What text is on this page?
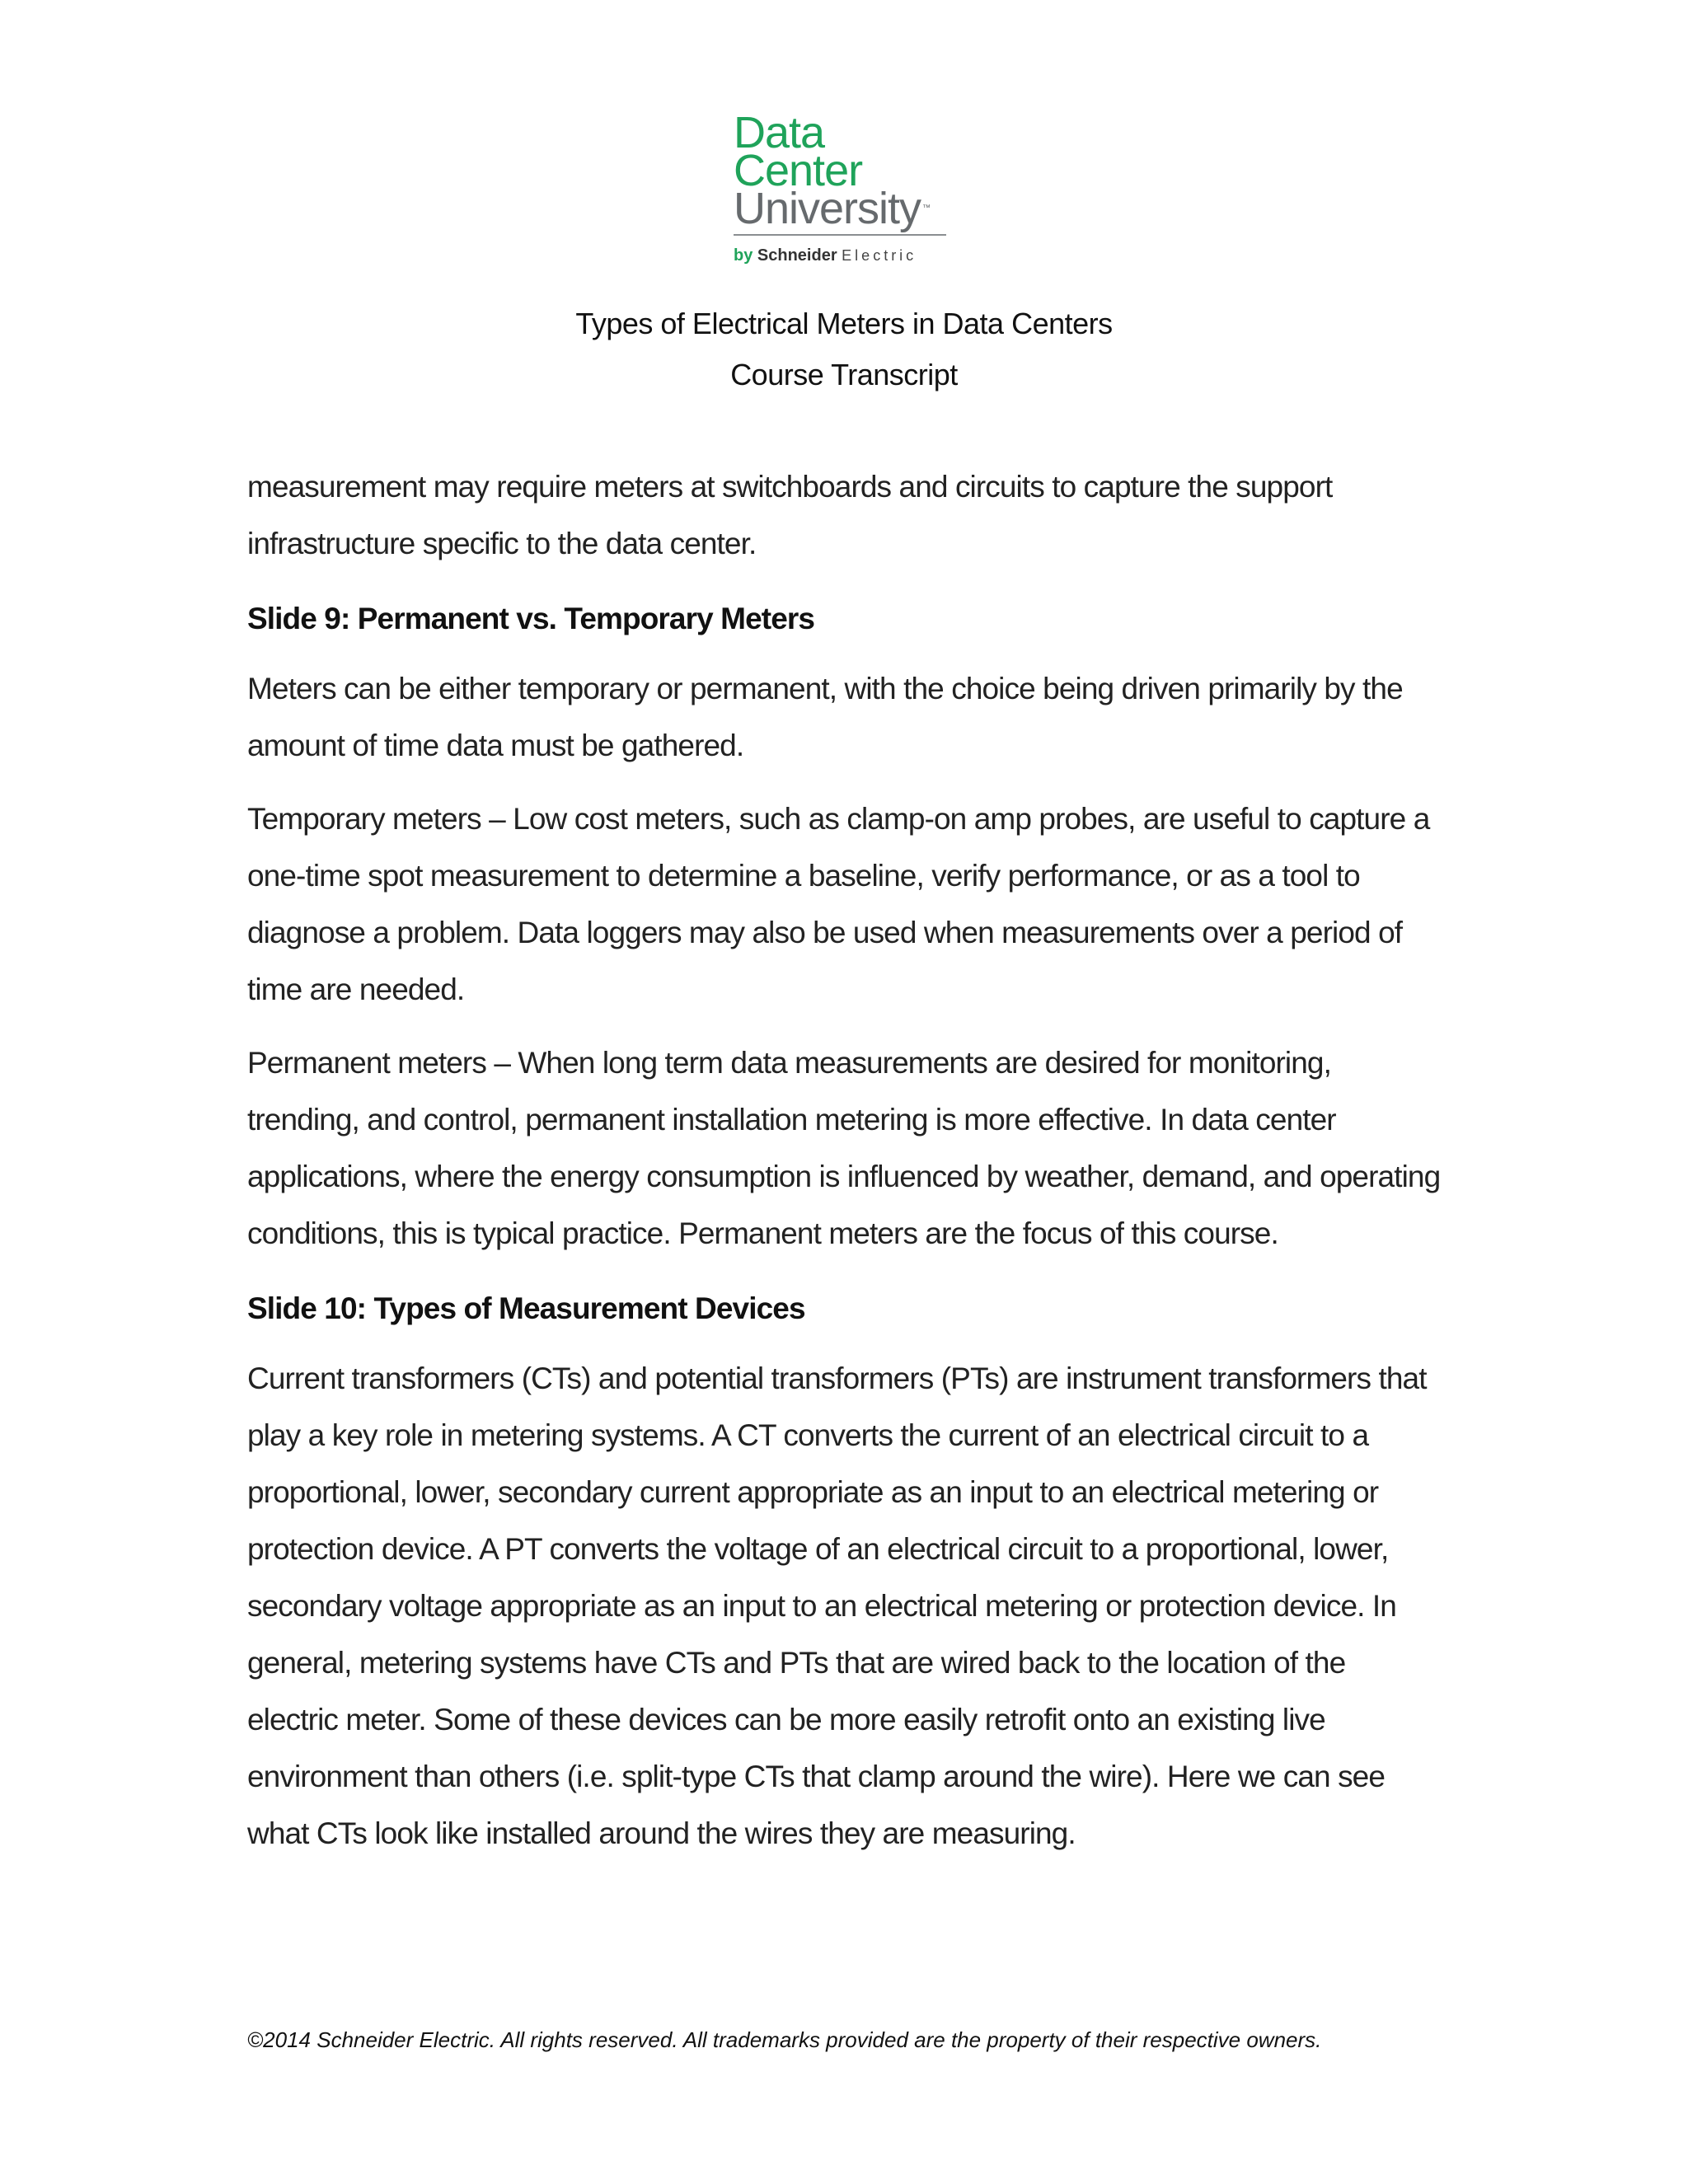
Data
Center
University ™
by Schneider Electric
Types of Electrical Meters in Data Centers
Course Transcript

measurement may require meters at switchboards and circuits to capture the support infrastructure specific to the data center.

Slide 9: Permanent vs. Temporary Meters

Meters can be either temporary or permanent, with the choice being driven primarily by the amount of time data must be gathered.

Temporary meters – Low cost meters, such as clamp-on amp probes, are useful to capture a one-time spot measurement to determine a baseline, verify performance, or as a tool to diagnose a problem. Data loggers may also be used when measurements over a period of time are needed.

Permanent meters – When long term data measurements are desired for monitoring, trending, and control, permanent installation metering is more effective. In data center applications, where the energy consumption is influenced by weather, demand, and operating conditions, this is typical practice. Permanent meters are the focus of this course.

Slide 10: Types of Measurement Devices

Current transformers (CTs) and potential transformers (PTs) are instrument transformers that play a key role in metering systems. A CT converts the current of an electrical circuit to a proportional, lower, secondary current appropriate as an input to an electrical metering or protection device. A PT converts the voltage of an electrical circuit to a proportional, lower, secondary voltage appropriate as an input to an electrical metering or protection device. In general, metering systems have CTs and PTs that are wired back to the location of the electric meter. Some of these devices can be more easily retrofit onto an existing live environment than others (i.e. split-type CTs that clamp around the wire). Here we can see what CTs look like installed around the wires they are measuring.

©2014 Schneider Electric. All rights reserved. All trademarks provided are the property of their respective owners.
